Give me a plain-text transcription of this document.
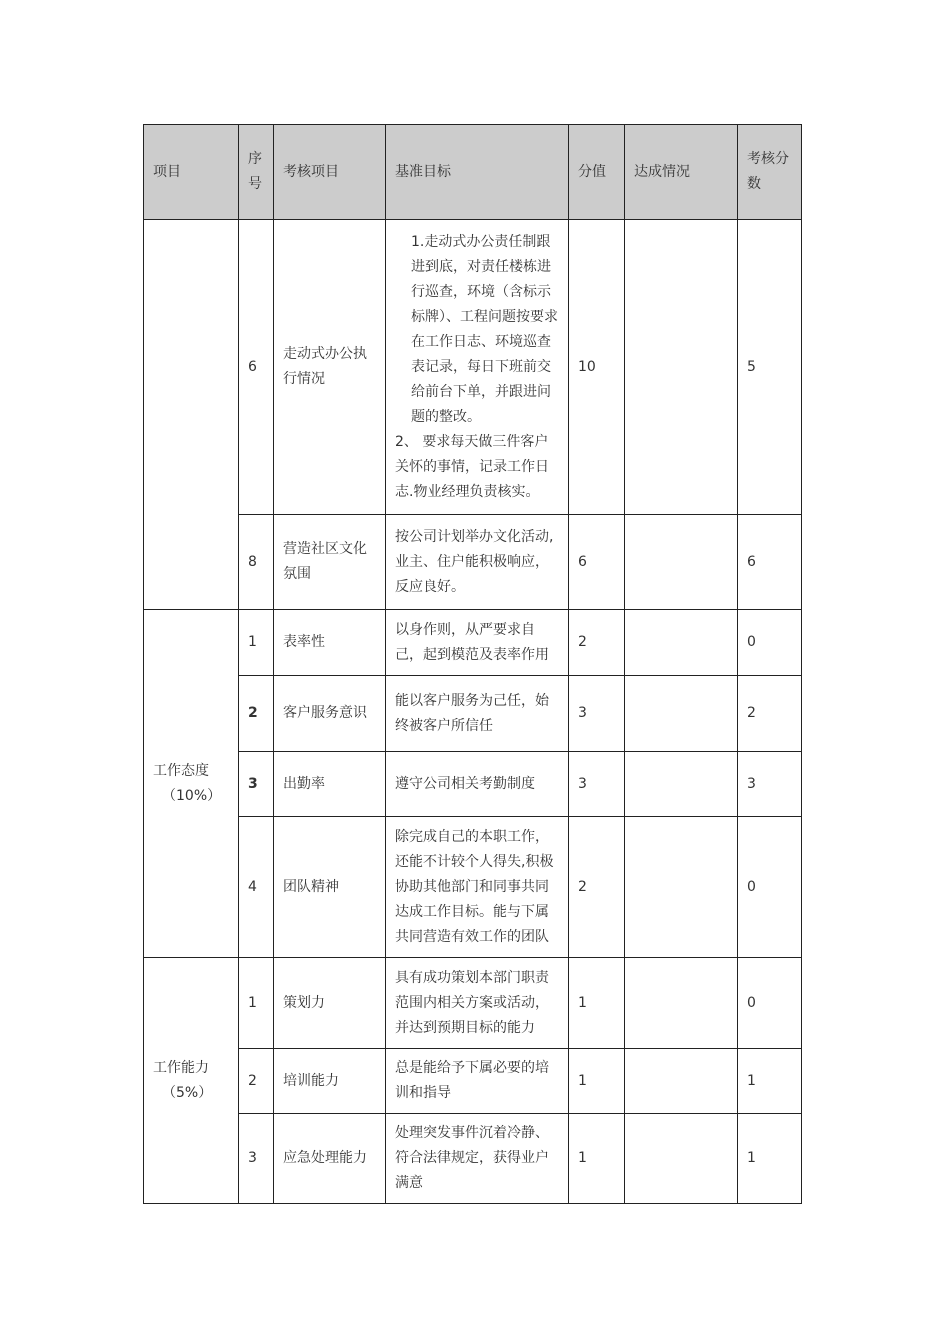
项目	序号	考核项目	基准目标	分值	达成情况	考核分数
	6	走动式办公执行情况	1.走动式办公责任制跟进到底，对责任楼栋进行巡查，环境（含标示标牌）、工程问题按要求在工作日志、环境巡查表记录，每日下班前交给前台下单，并跟进问题的整改。
2、 要求每天做三件客户关怀的事情，记录工作日志.物业经理负责核实。	10		5
	8	营造社区文化氛围	按公司计划举办文化活动,业主、住户能积极响应，反应良好。	6		6

工作态度
（10%）	1	表率性	以身作则，从严要求自己，起到模范及表率作用	2		0
	2	客户服务意识	能以客户服务为己任，始终被客户所信任	3		2
	3	出勤率	遵守公司相关考勤制度	3		3
	4	团队精神	除完成自己的本职工作，还能不计较个人得失,积极协助其他部门和同事共同达成工作目标。能与下属共同营造有效工作的团队	2		0

工作能力
（5%）	1	策划力	具有成功策划本部门职责范围内相关方案或活动，并达到预期目标的能力	1		0
	2	培训能力	总是能给予下属必要的培训和指导	1		1
	3	应急处理能力	处理突发事件沉着冷静、符合法律规定，获得业户满意	1		1
